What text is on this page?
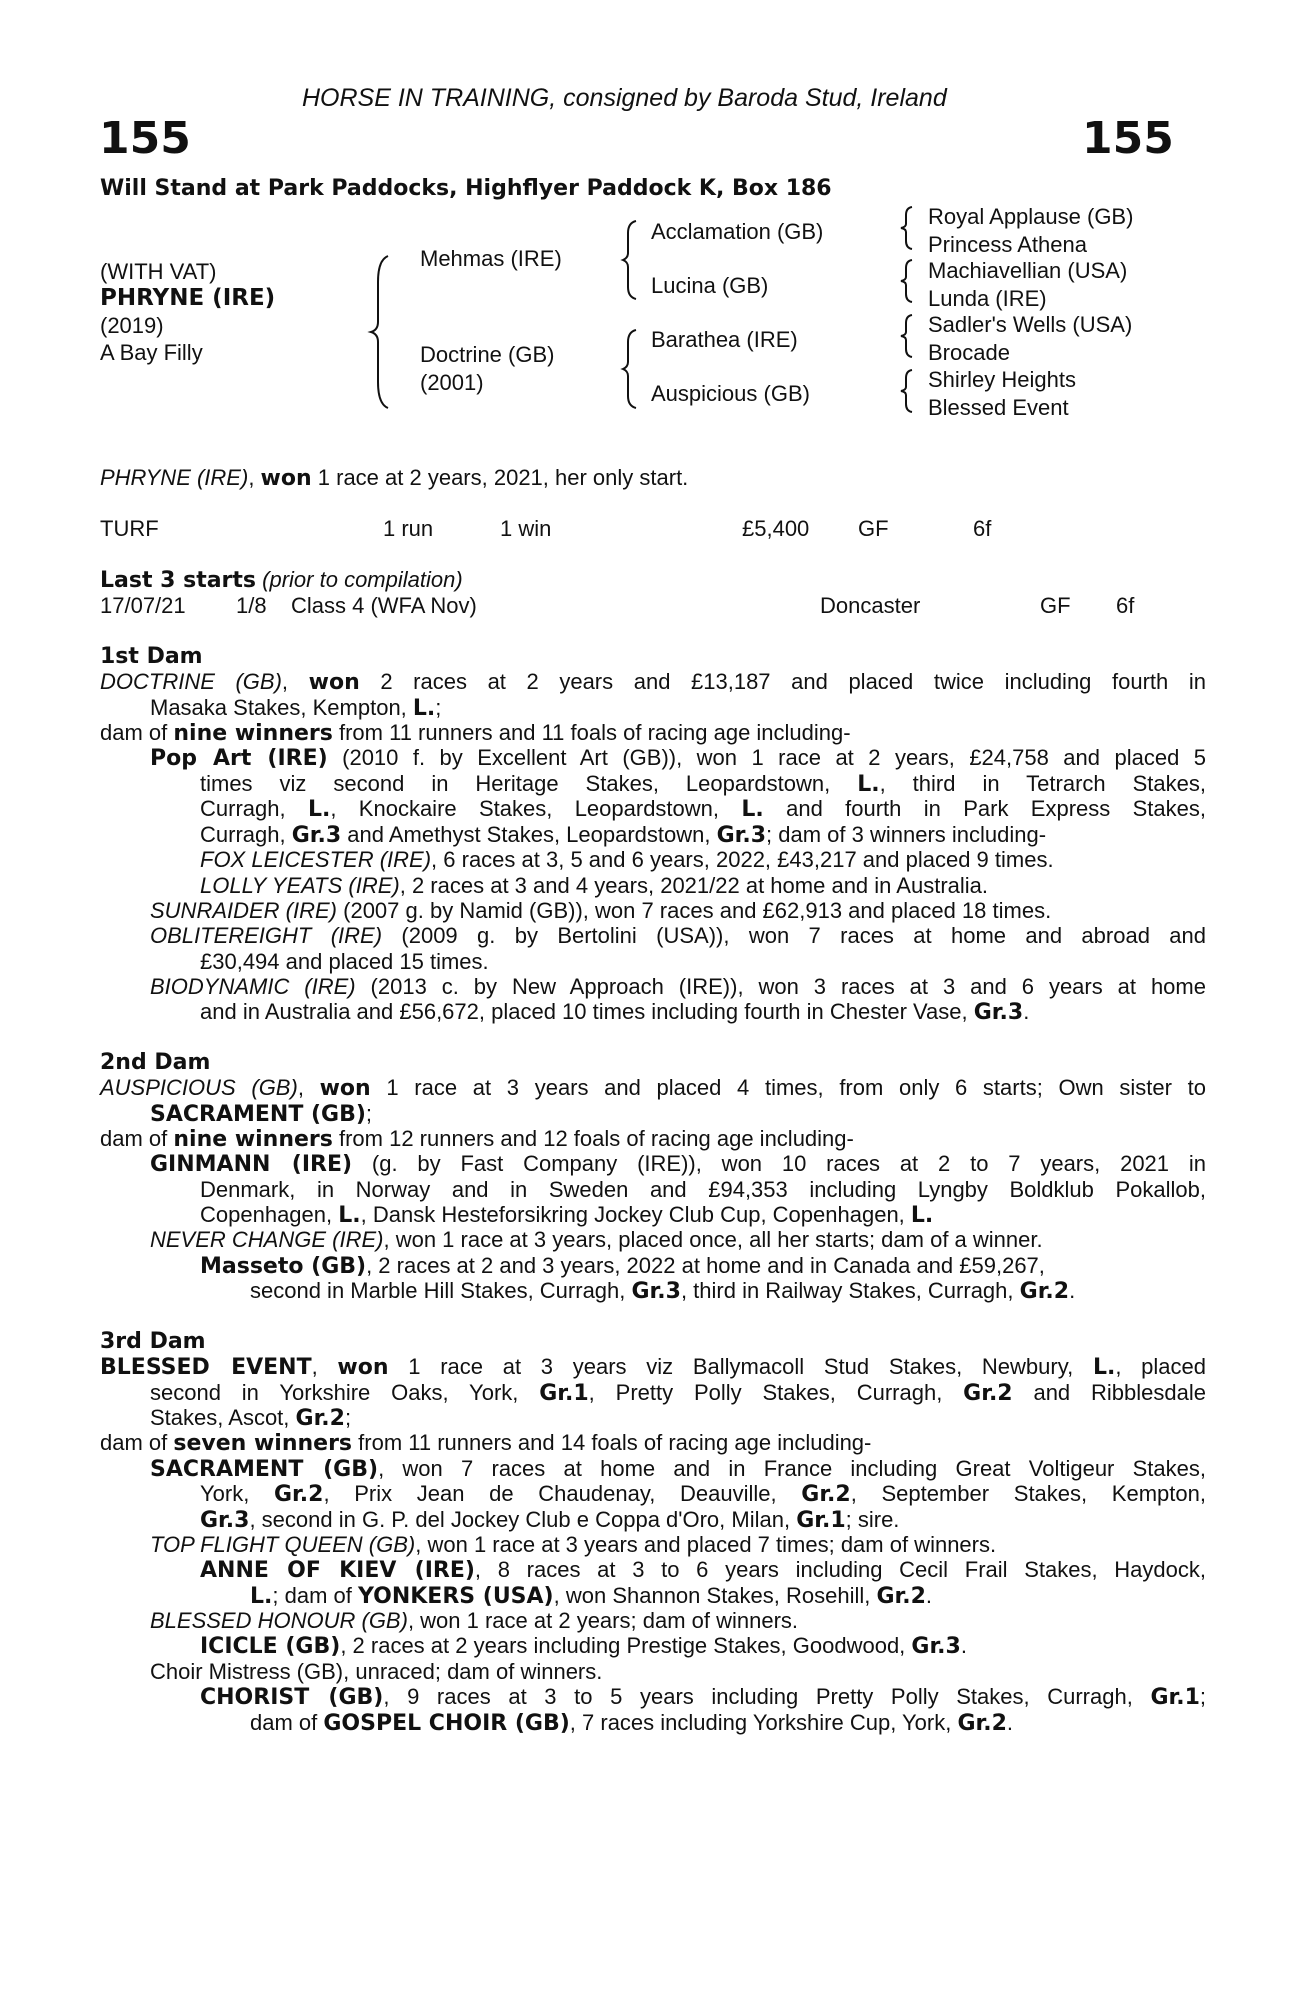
HORSE IN TRAINING, consigned by Baroda Stud, Ireland
155	155
Will Stand at Park Paddocks, Highflyer Paddock K, Box 186
(WITH VAT)
PHRYNE (IRE)
(2019)
A Bay Filly
Mehmas (IRE)
Doctrine (GB)
(2001)
Acclamation (GB)
Lucina (GB)
Barathea (IRE)
Auspicious (GB)
Royal Applause (GB)
Princess Athena
Machiavellian (USA)
Lunda (IRE)
Sadler's Wells (USA)
Brocade
Shirley Heights
Blessed Event
PHRYNE (IRE), won 1 race at 2 years, 2021, her only start.
TURF	1 run	1 win	£5,400 GF	6f
Last 3 starts (prior to compilation)
17/07/21 1/8 Class 4 (WFA Nov)	Doncaster	GF 6f
1st Dam
DOCTRINE (GB), won 2 races at 2 years and £13,187 and placed twice including fourth in
Masaka Stakes, Kempton, L.;
dam of nine winners from 11 runners and 11 foals of racing age including-
Pop Art (IRE) (2010 f. by Excellent Art (GB)), won 1 race at 2 years, £24,758 and placed 5
times viz second in Heritage Stakes, Leopardstown, L., third in Tetrarch Stakes,
Curragh, L., Knockaire Stakes, Leopardstown, L. and fourth in Park Express Stakes,
Curragh, Gr.3 and Amethyst Stakes, Leopardstown, Gr.3; dam of 3 winners including-
FOX LEICESTER (IRE), 6 races at 3, 5 and 6 years, 2022, £43,217 and placed 9 times.
LOLLY YEATS (IRE), 2 races at 3 and 4 years, 2021/22 at home and in Australia.
SUNRAIDER (IRE) (2007 g. by Namid (GB)), won 7 races and £62,913 and placed 18 times.
OBLITEREIGHT (IRE) (2009 g. by Bertolini (USA)), won 7 races at home and abroad and
£30,494 and placed 15 times.
BIODYNAMIC (IRE) (2013 c. by New Approach (IRE)), won 3 races at 3 and 6 years at home
and in Australia and £56,672, placed 10 times including fourth in Chester Vase, Gr.3.
2nd Dam
AUSPICIOUS (GB), won 1 race at 3 years and placed 4 times, from only 6 starts; Own sister to
SACRAMENT (GB);
dam of nine winners from 12 runners and 12 foals of racing age including-
GINMANN (IRE) (g. by Fast Company (IRE)), won 10 races at 2 to 7 years, 2021 in
Denmark, in Norway and in Sweden and £94,353 including Lyngby Boldklub Pokallob,
Copenhagen, L., Dansk Hesteforsikring Jockey Club Cup, Copenhagen, L.
NEVER CHANGE (IRE), won 1 race at 3 years, placed once, all her starts; dam of a winner.
Masseto (GB), 2 races at 2 and 3 years, 2022 at home and in Canada and £59,267,
second in Marble Hill Stakes, Curragh, Gr.3, third in Railway Stakes, Curragh, Gr.2.
3rd Dam
BLESSED EVENT, won 1 race at 3 years viz Ballymacoll Stud Stakes, Newbury, L., placed
second in Yorkshire Oaks, York, Gr.1, Pretty Polly Stakes, Curragh, Gr.2 and Ribblesdale
Stakes, Ascot, Gr.2;
dam of seven winners from 11 runners and 14 foals of racing age including-
SACRAMENT (GB), won 7 races at home and in France including Great Voltigeur Stakes,
York, Gr.2, Prix Jean de Chaudenay, Deauville, Gr.2, September Stakes, Kempton,
Gr.3, second in G. P. del Jockey Club e Coppa d'Oro, Milan, Gr.1; sire.
TOP FLIGHT QUEEN (GB), won 1 race at 3 years and placed 7 times; dam of winners.
ANNE OF KIEV (IRE), 8 races at 3 to 6 years including Cecil Frail Stakes, Haydock,
L.; dam of YONKERS (USA), won Shannon Stakes, Rosehill, Gr.2.
BLESSED HONOUR (GB), won 1 race at 2 years; dam of winners.
ICICLE (GB), 2 races at 2 years including Prestige Stakes, Goodwood, Gr.3.
Choir Mistress (GB), unraced; dam of winners.
CHORIST (GB), 9 races at 3 to 5 years including Pretty Polly Stakes, Curragh, Gr.1;
dam of GOSPEL CHOIR (GB), 7 races including Yorkshire Cup, York, Gr.2.
